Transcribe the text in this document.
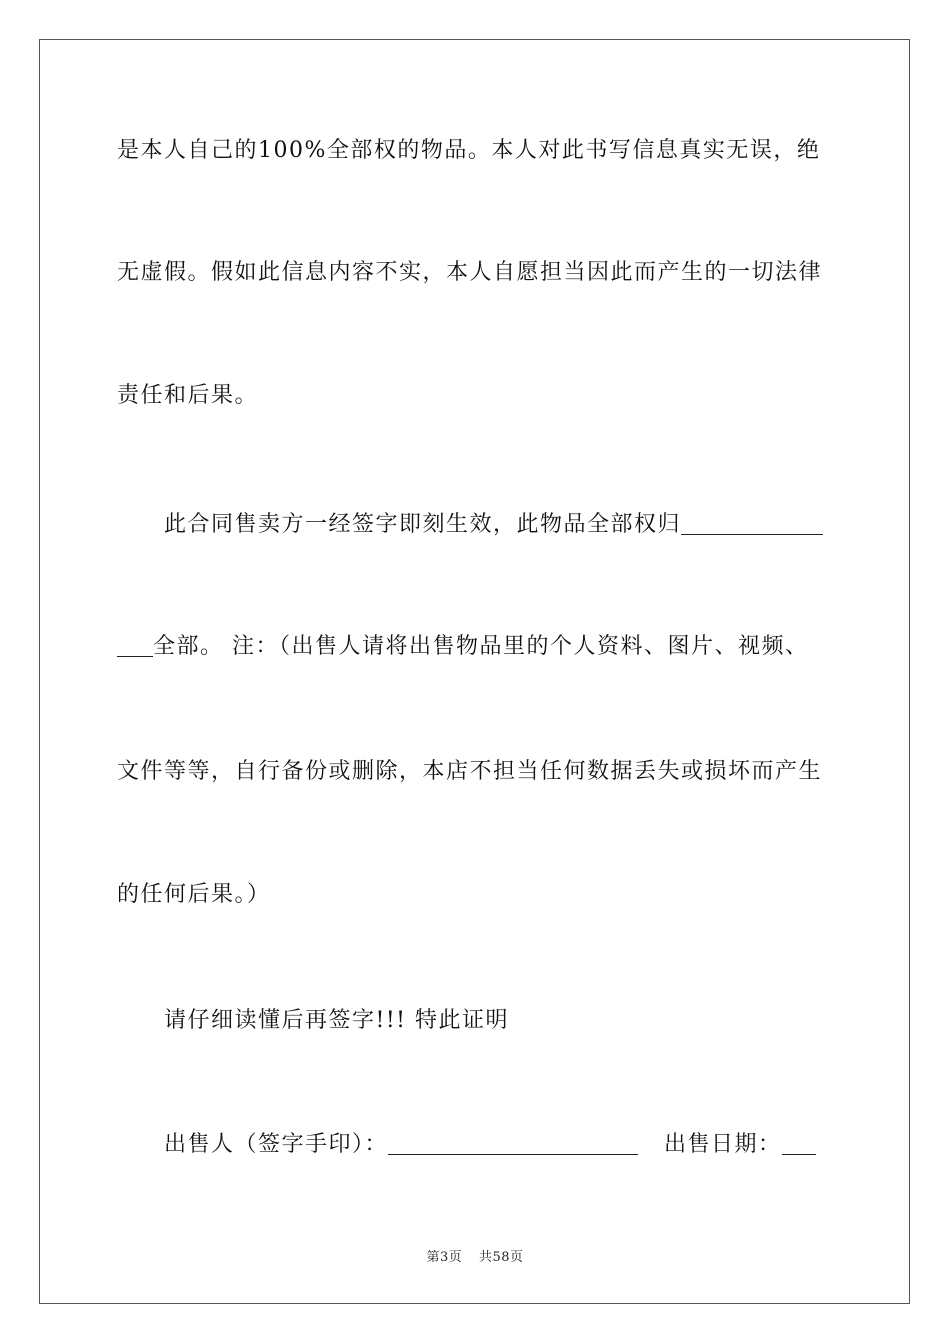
是本人自己的100%全部权的物品。本人对此书写信息真实无误，绝
无虚假。假如此信息内容不实，本人自愿担当因此而产生的一切法律
责任和后果。
此合同售卖方一经签字即刻生效，此物品全部权归
全部。 注：（出售人请将出售物品里的个人资料、图片、视频、
文件等等，自行备份或删除，本店不担当任何数据丢失或损坏而产生
的任何后果。）
请仔细读懂后再签字!!! 特此证明
出售人（签字手印）：	出售日期：
第3页 共58页
